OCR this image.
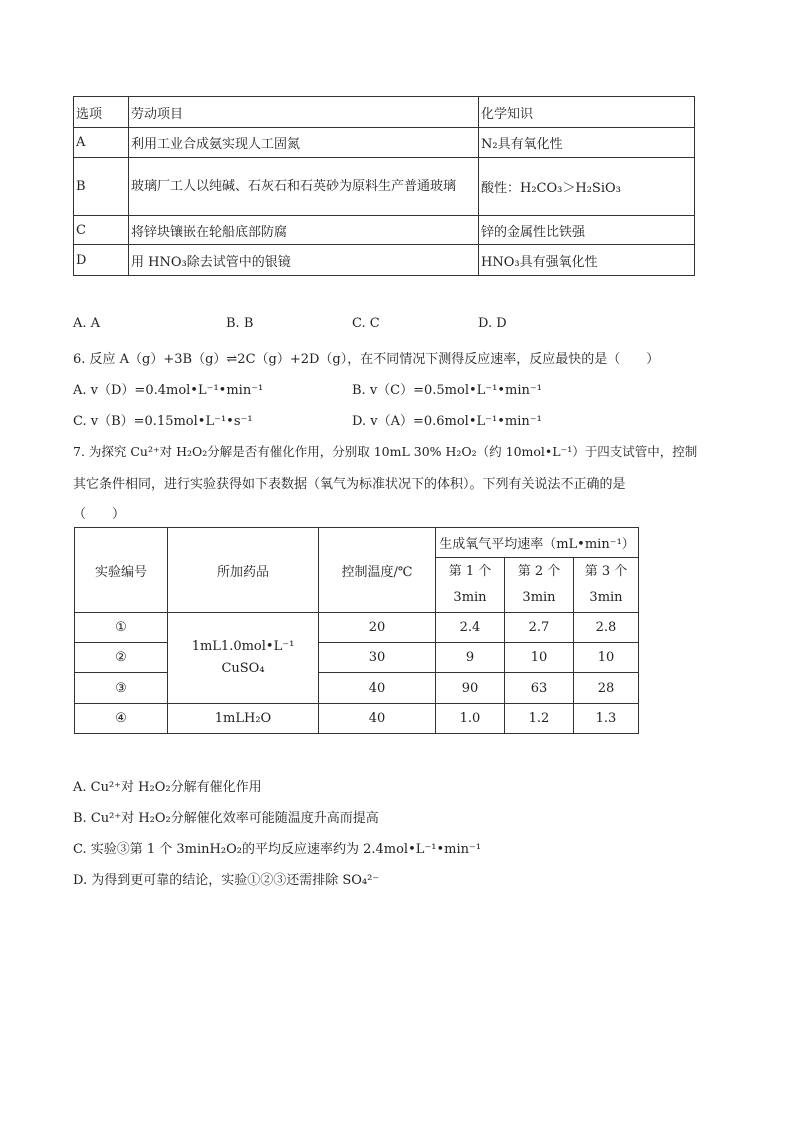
选项	劳动项目	化学知识
A	利用工业合成氨实现人工固氮	N₂具有氧化性
B	玻璃厂工人以纯碱、石灰石和石英砂为原料生产普通玻璃	酸性：H₂CO₃＞H₂SiO₃
C	将锌块镶嵌在轮船底部防腐	锌的金属性比铁强
D	用 HNO₃除去试管中的银镜	HNO₃具有强氧化性
A. A	B. B	C. C	D. D
6. 反应 A（g）+3B（g）⇌2C（g）+2D（g），在不同情况下测得反应速率，反应最快的是（　　）
A. v（D）=0.4mol•L⁻¹•min⁻¹	B. v（C）=0.5mol•L⁻¹•min⁻¹
C. v（B）=0.15mol•L⁻¹•s⁻¹	D. v（A）=0.6mol•L⁻¹•min⁻¹
7. 为探究 Cu²⁺对 H₂O₂分解是否有催化作用，分别取 10mL 30% H₂O₂（约 10mol•L⁻¹）于四支试管中，控制
其它条件相同，进行实验获得如下表数据（氧气为标准状况下的体积）。下列有关说法不正确的是
（　　）
实验编号	所加药品	控制温度/℃	生成氧气平均速率（mL•min⁻¹）		
			第 1 个 3min	第 2 个 3min	第 3 个 3min
①	1mL1.0mol•L⁻¹ CuSO₄	20	2.4	2.7	2.8
②		30	9	10	10
③		40	90	63	28
④	1mLH₂O	40	1.0	1.2	1.3
A. Cu²⁺对 H₂O₂分解有催化作用
B. Cu²⁺对 H₂O₂分解催化效率可能随温度升高而提高
C. 实验③第 1 个 3minH₂O₂的平均反应速率约为 2.4mol•L⁻¹•min⁻¹
D. 为得到更可靠的结论，实验①②③还需排除 SO₄²⁻
